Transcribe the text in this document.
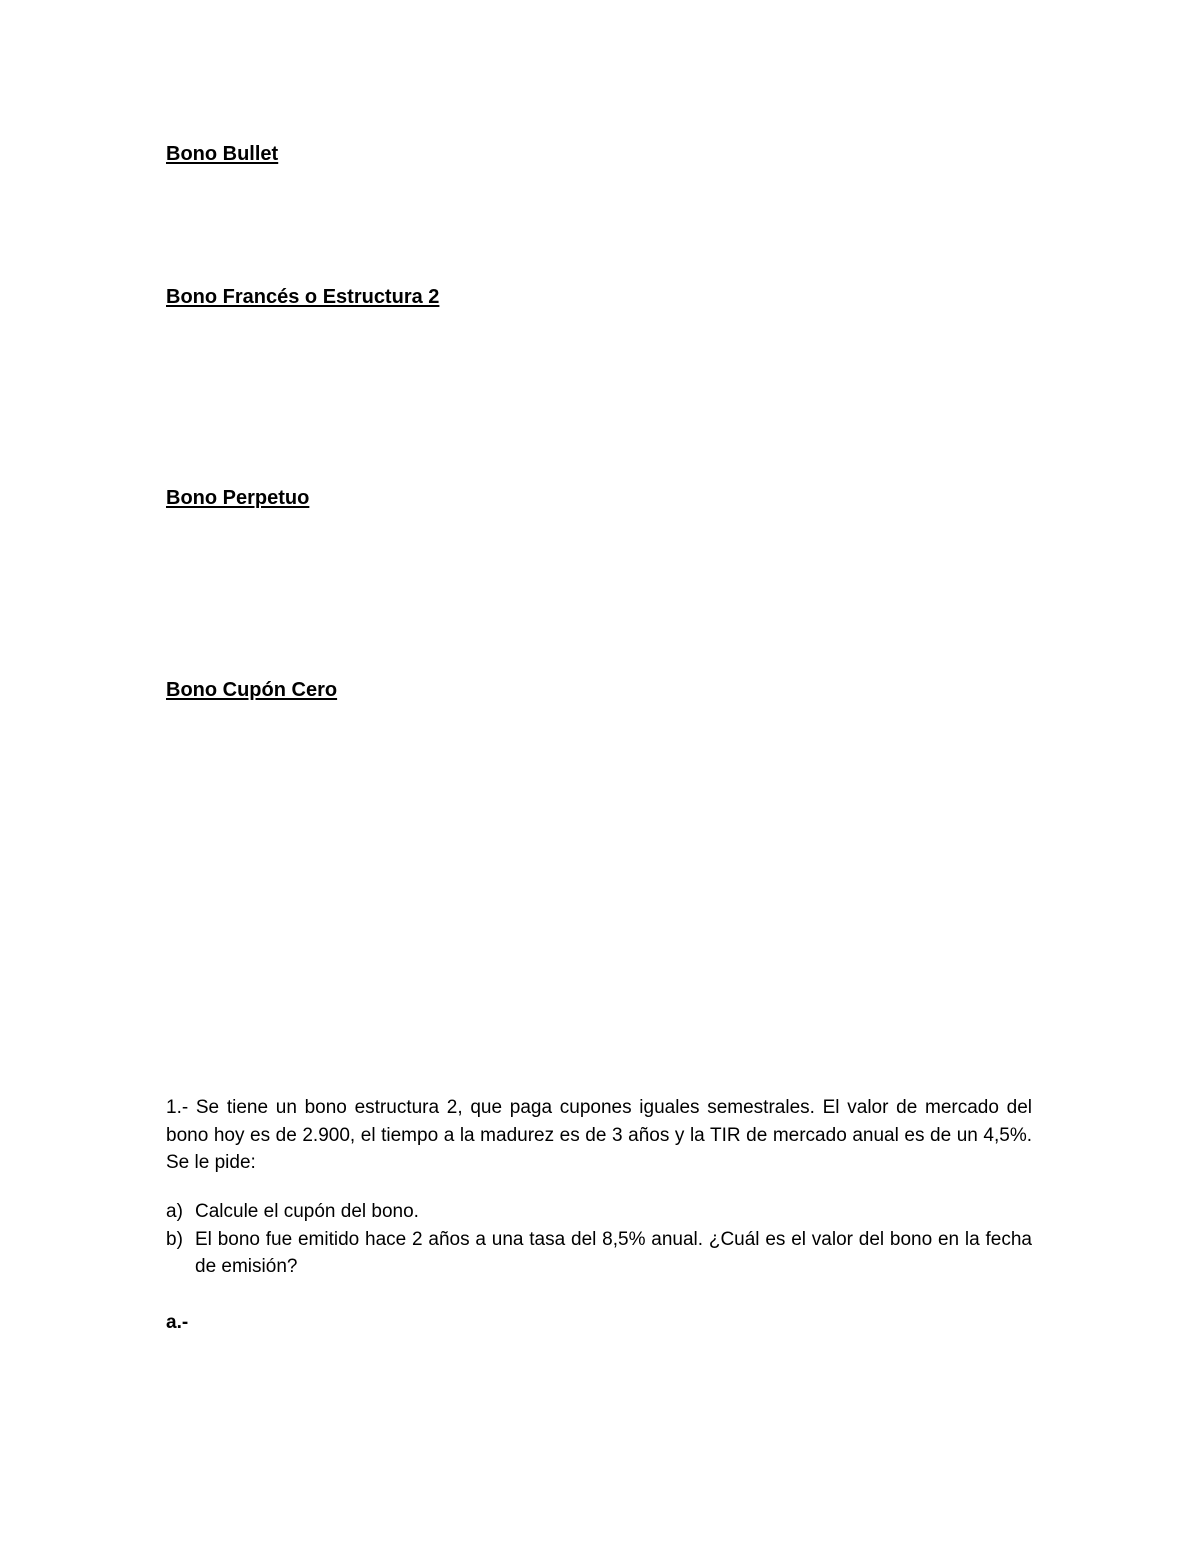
Bono Bullet
Bono Francés o Estructura 2
Bono Perpetuo
Bono Cupón Cero

1.- Se tiene un bono estructura 2, que paga cupones iguales semestrales. El valor de mercado del bono hoy es de 2.900, el tiempo a la madurez es de 3 años y la TIR de mercado anual es de un 4,5%. Se le pide:

a) Calcule el cupón del bono.
b) El bono fue emitido hace 2 años a una tasa del 8,5% anual. ¿Cuál es el valor del bono en la fecha de emisión?
a.-
